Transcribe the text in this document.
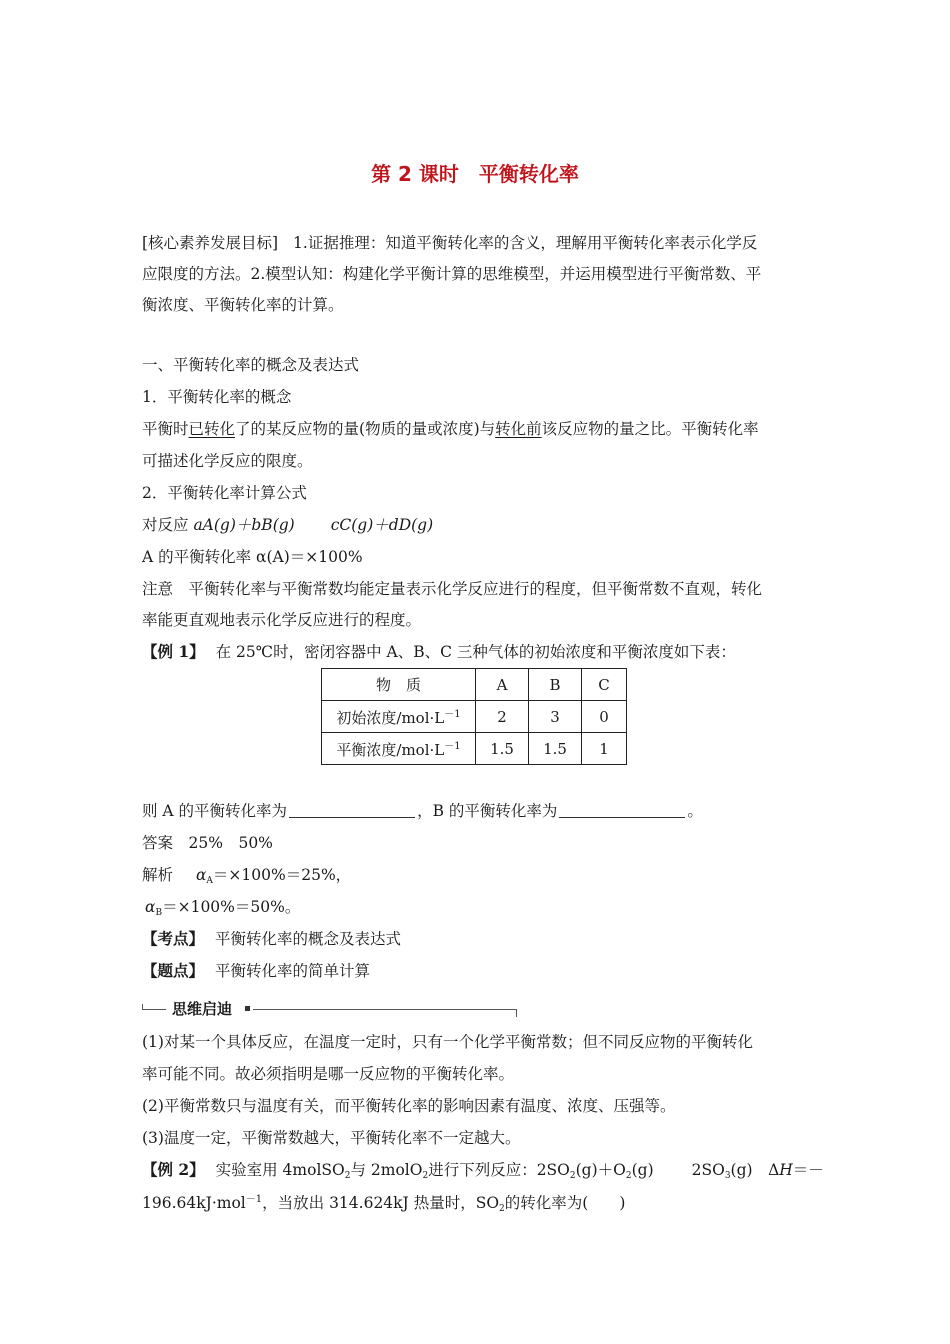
第 2 课时　平衡转化率
[核心素养发展目标] 1.证据推理：知道平衡转化率的含义，理解用平衡转化率表示化学反
应限度的方法。2.模型认知：构建化学平衡计算的思维模型，并运用模型进行平衡常数、平
衡浓度、平衡转化率的计算。
一、平衡转化率的概念及表达式
1．平衡转化率的概念
平衡时已转化了的某反应物的量(物质的量或浓度)与转化前该反应物的量之比。平衡转化率
可描述化学反应的限度。
2．平衡转化率计算公式
对反应 aA(g)＋bB(g) cC(g)＋dD(g)
A 的平衡转化率 α(A)＝×100%
注意　平衡转化率与平衡常数均能定量表示化学反应进行的程度，但平衡常数不直观，转化
率能更直观地表示化学反应进行的程度。
【例 1】 在 25℃时，密闭容器中 A、B、C 三种气体的初始浓度和平衡浓度如下表：
物　质	A	B	C
初始浓度$/mol\cdot L^{-1}$	2	3	0
平衡浓度$/mol\cdot L^{-1}$	1.5	1.5	1
则 A 的平衡转化率为	，B 的平衡转化率为	。
答案　25%　50%
解析 $\alpha_A=\times 100\%=25\%$，
$\alpha_B=\times 100\%=50\%$。
【考点】 平衡转化率的概念及表达式
【题点】 平衡转化率的简单计算
思维启迪
(1)对某一个具体反应，在温度一定时，只有一个化学平衡常数；但不同反应物的平衡转化
率可能不同。故必须指明是哪一反应物的平衡转化率。
(2)平衡常数只与温度有关，而平衡转化率的影响因素有温度、浓度、压强等。
(3)温度一定，平衡常数越大，平衡转化率不一定越大。
【例 2】 实验室用 4molSO$_2$与 2molO$_2$进行下列反应：$2SO_2(g)+O_2(g)$ $2SO_3(g)$　ΔH＝－
196.64kJ·mol$^{-1}$，当放出 314.624kJ 热量时，$SO_2$的转化率为(　　)
